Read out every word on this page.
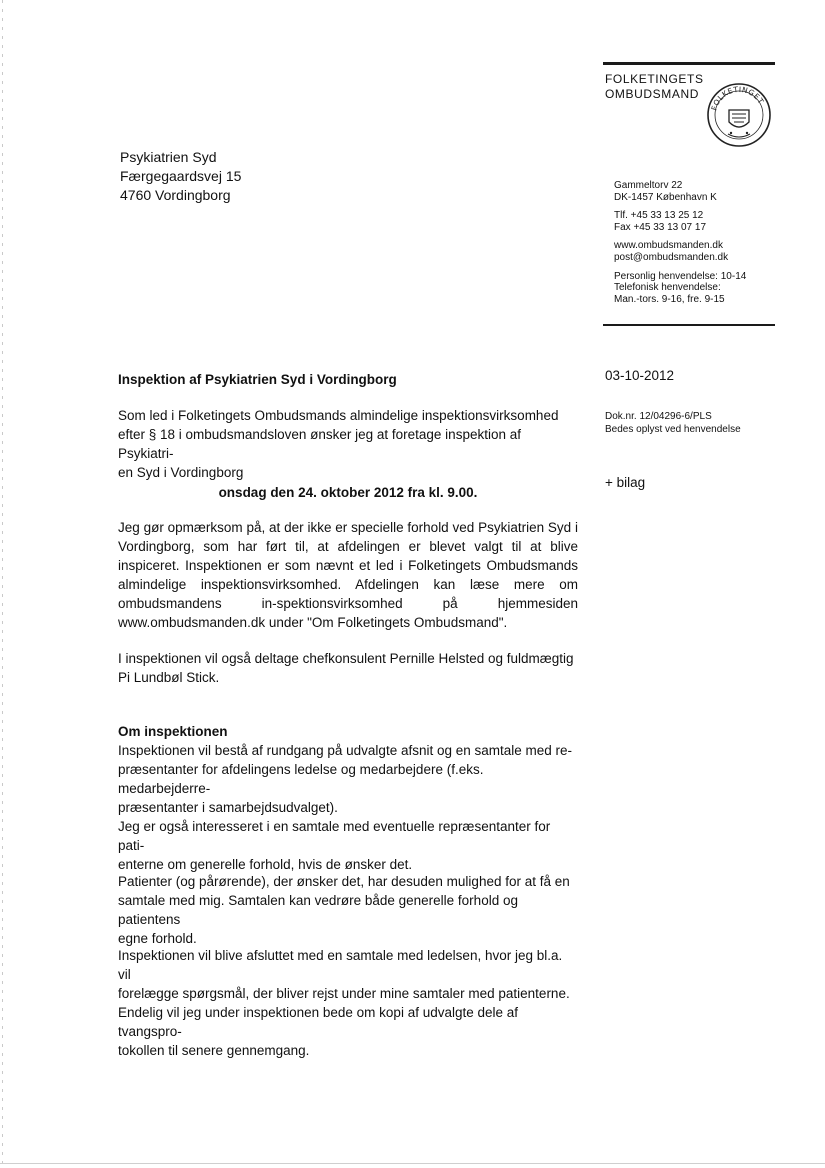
FOLKETINGETS
OMBUDSMAND
FOLKETINGET
Psykiatrien Syd
Færgegaardsvej 15
4760 Vordingborg
Gammeltorv 22
DK-1457 København K
Tlf. +45 33 13 25 12
Fax +45 33 13 07 17
www.ombudsmanden.dk
post@ombudsmanden.dk
Personlig henvendelse: 10-14
Telefonisk henvendelse:
Man.-tors. 9-16, fre. 9-15
03-10-2012
Dok.nr. 12/04296-6/PLS
Bedes oplyst ved henvendelse
+ bilag
Inspektion af Psykiatrien Syd i Vordingborg
Som led i Folketingets Ombudsmands almindelige inspektionsvirksomhed
efter § 18 i ombudsmandsloven ønsker jeg at foretage inspektion af Psykiatri-
en Syd i Vordingborg
onsdag den 24. oktober 2012 fra kl. 9.00.

Jeg gør opmærksom på, at der ikke er specielle forhold ved Psykiatrien Syd i Vordingborg, som har ført til, at afdelingen er blevet valgt til at blive inspiceret. Inspektionen er som nævnt et led i Folketingets Ombudsmands almindelige inspektionsvirksomhed. Afdelingen kan læse mere om ombudsmandens in-spektionsvirksomhed på hjemmesiden www.ombudsmanden.dk under "Om Folketingets Ombudsmand".

I inspektionen vil også deltage chefkonsulent Pernille Helsted og fuldmægtig
Pi Lundbøl Stick.
Om inspektionen
Inspektionen vil bestå af rundgang på udvalgte afsnit og en samtale med re-
præsentanter for afdelingens ledelse og medarbejdere (f.eks. medarbejderre-
præsentanter i samarbejdsudvalget).
Jeg er også interesseret i en samtale med eventuelle repræsentanter for pati-
enterne om generelle forhold, hvis de ønsker det.
Patienter (og pårørende), der ønsker det, har desuden mulighed for at få en
samtale med mig. Samtalen kan vedrøre både generelle forhold og patientens
egne forhold.
Inspektionen vil blive afsluttet med en samtale med ledelsen, hvor jeg bl.a. vil
forelægge spørgsmål, der bliver rejst under mine samtaler med patienterne.
Endelig vil jeg under inspektionen bede om kopi af udvalgte dele af tvangspro-
tokollen til senere gennemgang.
